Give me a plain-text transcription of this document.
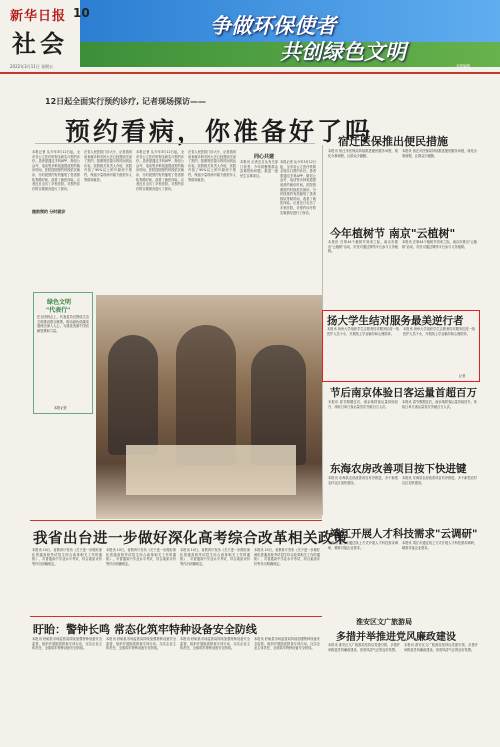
新华日报 10
社会
2022年3月11日 星期五
争做环保使者
共创绿色文明
本版编辑
12日起全面实行预约诊疗, 记者现场探访——
预约看病，你准备好了吗
本报记者 从今年3月12日起，全市各公立医疗机构全面实行预约诊疗。患者需通过手机APP、微信公众号、电话等多种渠道提前预约就诊时间，医院按照预约时段依次就诊，分时段预约有效缩短了患者排队等候时间，改善了就医体验。记者近日走访了多家医院，对预约诊疗的实施情况进行了探访。
在省人民医院门诊大厅，记者看到前来就诊的市民大多已经提前完成了预约，按照短信提示的时间到达诊室。医院相关负责人介绍，医院开放了90%以上的号源用于预约，保留少量现场号源方便老年人等群体就医。
本报记者 从今年3月12日起，全市各公立医疗机构全面实行预约诊疗。患者需通过手机APP、微信公众号、电话等多种渠道提前预约就诊时间，医院按照预约时段依次就诊，分时段预约有效缩短了患者排队等候时间，改善了就医体验。记者近日走访了多家医院，对预约诊疗的实施情况进行了探访。
在省人民医院门诊大厅，记者看到前来就诊的市民大多已经提前完成了预约，按照短信提示的时间到达诊室。医院相关负责人介绍，医院开放了90%以上的号源用于预约，保留少量现场号源方便老年人等群体就医。
提前预约 分时就诊
同心共建
本报讯 记者近日从有关部门获悉，今年将聚焦群众急难愁盼问题，推进一批民生实事项目。
本报记者 从今年3月12日起，全市各公立医疗机构全面实行预约诊疗。患者需通过手机APP、微信公众号、电话等多种渠道提前预约就诊时间，医院按照预约时段依次就诊，分时段预约有效缩短了患者排队等候时间，改善了就医体验。记者近日走访了多家医院，对预约诊疗的实施情况进行了探访。
宿迁医保推出便民措施
本报讯 宿迁市医保局持续推进便民服务举措，简化办事流程，让群众少跑腿。
本报讯 宿迁市医保局持续推进便民服务举措，简化办事流程，让群众少跑腿。
今年植树节 南京"云植树"
本报讯 在第44个植树节到来之际，南京市推出"云植树"活动，市民可通过网络平台参与义务植树。
本报讯 在第44个植树节到来之际，南京市推出"云植树"活动，市民可通过网络平台参与义务植树。
扬大学生结对服务最美逆行者
本报讯 扬州大学组织学生志愿者结对服务抗疫一线医护人员子女，开展线上学业辅导和心理陪伴。
本报讯 扬州大学组织学生志愿者结对服务抗疫一线医护人员子女，开展线上学业辅导和心理陪伴。
记者
节后南京体验日客运量首超百万
本报讯 春节假期过后，南京地铁客运量持续回升，体验日单日客运量首次突破百万人次。
本报讯 春节假期过后，南京地铁客运量持续回升，体验日单日客运量首次突破百万人次。
东海农房改善项目按下快进键
本报讯 东海县农房改善项目有序推进，多个新型农村社区加快建设。
本报讯 东海县农房改善项目有序推进，多个新型农村社区加快建设。
绿色文明
"代表行"
在全国两会上，代表委员们围绕生态文明建设建言献策，推动绿色低碳发展理念深入人心，为建设美丽中国贡献智慧和力量。
本报记者
我省出台进一步做好深化高考综合改革相关政策
本报讯 10日，省教育厅发布《关于进一步做好深化普通高校考试招生综合改革相关工作的通知》，对普通高中学业水平考试、综合素质评价等作出明确规定。
本报讯 10日，省教育厅发布《关于进一步做好深化普通高校考试招生综合改革相关工作的通知》，对普通高中学业水平考试、综合素质评价等作出明确规定。
本报讯 10日，省教育厅发布《关于进一步做好深化普通高校考试招生综合改革相关工作的通知》，对普通高中学业水平考试、综合素质评价等作出明确规定。
本报讯 10日，省教育厅发布《关于进一步做好深化普通高校考试招生综合改革相关工作的通知》，对普通高中学业水平考试、综合素质评价等作出明确规定。
靖江开展人才科技需求"云调研"
本报讯 靖江市通过线上方式开展人才科技需求调研，精准对接企业需求。
本报讯 靖江市通过线上方式开展人才科技需求调研，精准对接企业需求。
盱眙：警钟长鸣 常态化筑牢特种设备安全防线
本报讯 盱眙县市场监管局持续加强特种设备安全监管，组织开展隐患排查专项行动，压实企业主体责任，全面筑牢特种设备安全防线。
本报讯 盱眙县市场监管局持续加强特种设备安全监管，组织开展隐患排查专项行动，压实企业主体责任，全面筑牢特种设备安全防线。
本报讯 盱眙县市场监管局持续加强特种设备安全监管，组织开展隐患排查专项行动，压实企业主体责任，全面筑牢特种设备安全防线。
本报讯 盱眙县市场监管局持续加强特种设备安全监管，组织开展隐患排查专项行动，压实企业主体责任，全面筑牢特种设备安全防线。
淮安区文广旅游局
多措并举推进党风廉政建设
本报讯 淮安区文广旅游局坚持以党建引领，多措并举推进党风廉政建设，营造风清气正的良好氛围。
本报讯 淮安区文广旅游局坚持以党建引领，多措并举推进党风廉政建设，营造风清气正的良好氛围。
